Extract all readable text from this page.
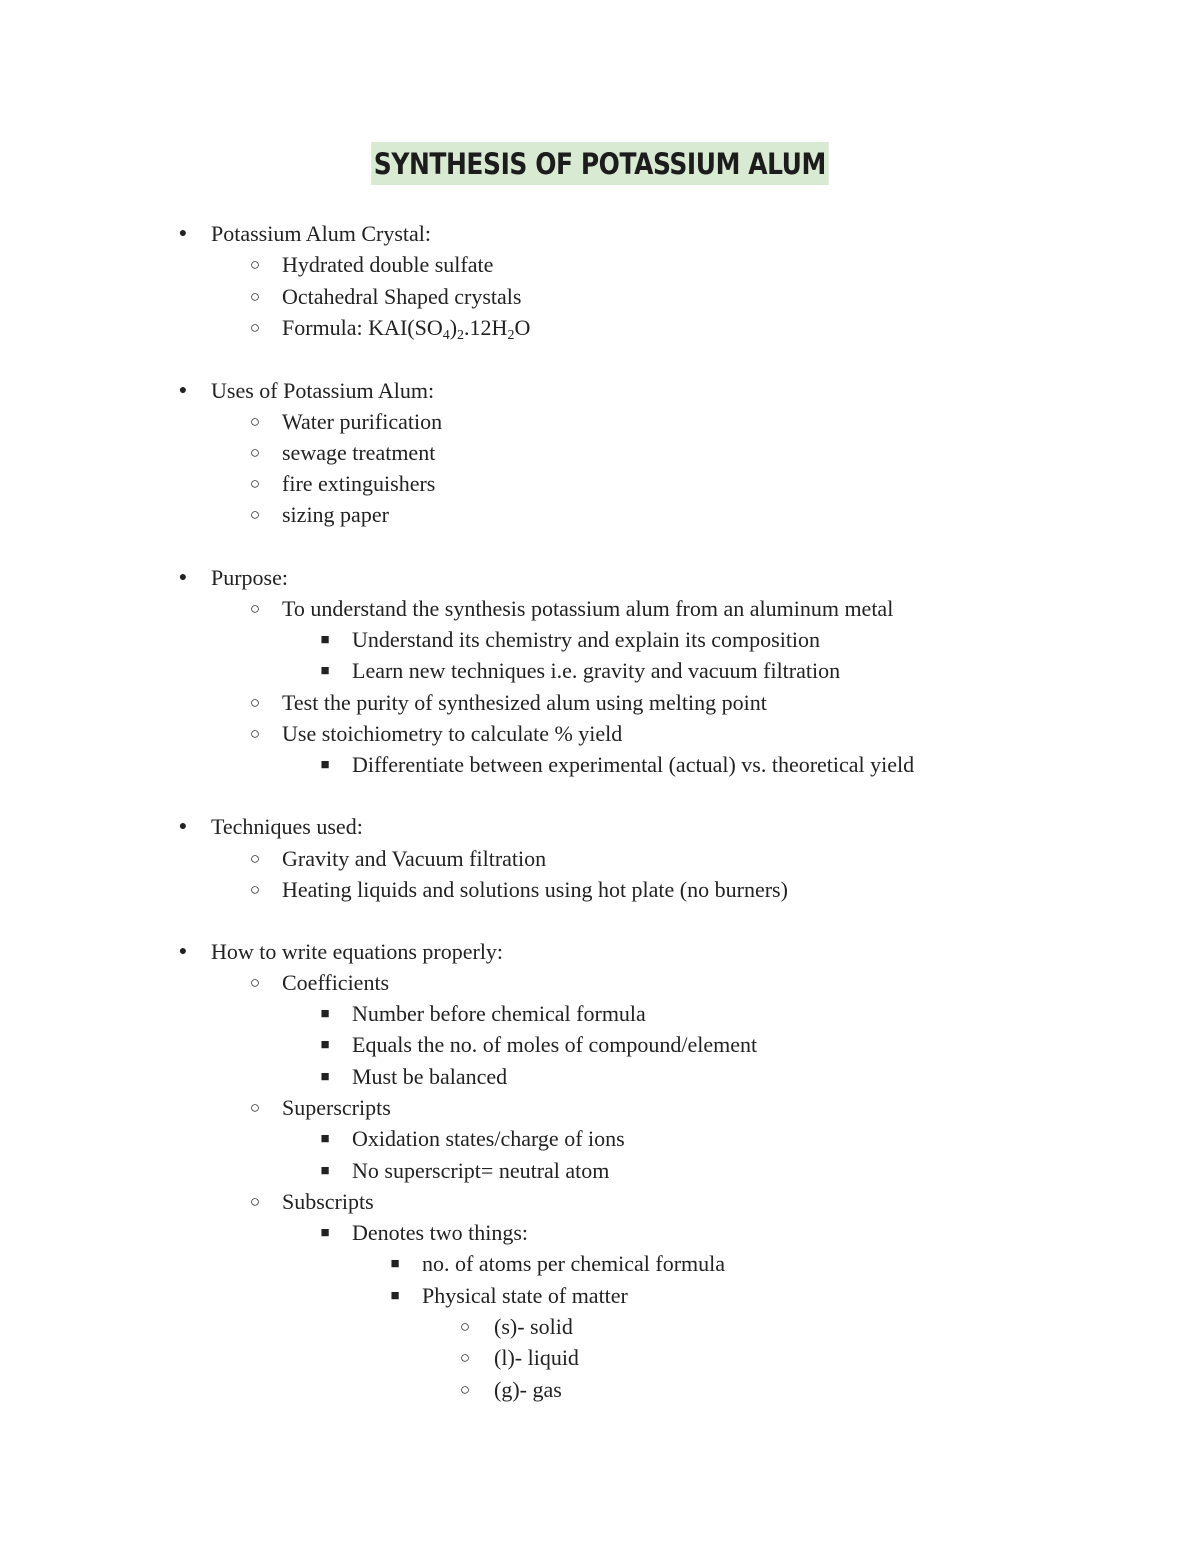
SYNTHESIS OF POTASSIUM ALUM
● Potassium Alum Crystal:
○ Hydrated double sulfate
○ Octahedral Shaped crystals
○ Formula: $KAI(SO_4)_2.12H_2O$
● Uses of Potassium Alum:
○ Water purification
○ sewage treatment
○ fire extinguishers
○ sizing paper
● Purpose:
○ To understand the synthesis potassium alum from an aluminum metal
■ Understand its chemistry and explain its composition
■ Learn new techniques i.e. gravity and vacuum filtration
○ Test the purity of synthesized alum using melting point
○ Use stoichiometry to calculate % yield
■ Differentiate between experimental (actual) vs. theoretical yield
● Techniques used:
○ Gravity and Vacuum filtration
○ Heating liquids and solutions using hot plate (no burners)
● How to write equations properly:
○ Coefficients
■ Number before chemical formula
■ Equals the no. of moles of compound/element
■ Must be balanced
○ Superscripts
■ Oxidation states/charge of ions
■ No superscript= neutral atom
○ Subscripts
■ Denotes two things:
■ no. of atoms per chemical formula
■ Physical state of matter
○ (s)- solid
○ (l)- liquid
○ (g)- gas
